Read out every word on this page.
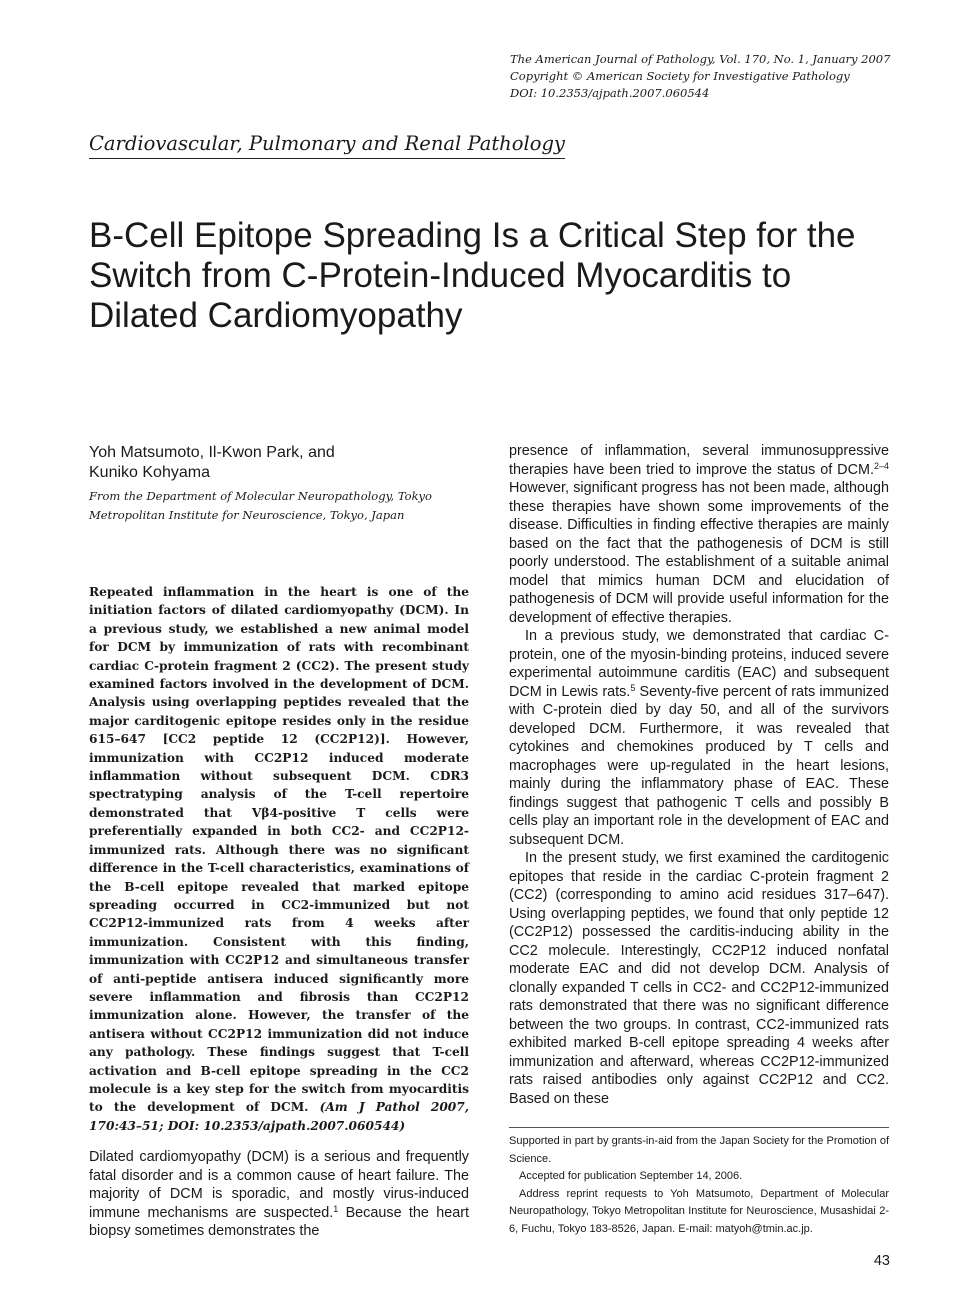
The American Journal of Pathology, Vol. 170, No. 1, January 2007
Copyright © American Society for Investigative Pathology
DOI: 10.2353/ajpath.2007.060544
Cardiovascular, Pulmonary and Renal Pathology
B-Cell Epitope Spreading Is a Critical Step for the
Switch from C-Protein-Induced Myocarditis to
Dilated Cardiomyopathy
Yoh Matsumoto, Il-Kwon Park, and
Kuniko Kohyama
From the Department of Molecular Neuropathology, Tokyo
Metropolitan Institute for Neuroscience, Tokyo, Japan
Repeated inflammation in the heart is one of the initiation factors of dilated cardiomyopathy (DCM). In a previous study, we established a new animal model for DCM by immunization of rats with recombinant cardiac C-protein fragment 2 (CC2). The present study examined factors involved in the development of DCM. Analysis using overlapping peptides revealed that the major carditogenic epitope resides only in the residue 615–647 [CC2 peptide 12 (CC2P12)]. However, immunization with CC2P12 induced moderate inflammation without subsequent DCM. CDR3 spectratyping analysis of the T-cell repertoire demonstrated that Vβ4-positive T cells were preferentially expanded in both CC2- and CC2P12-immunized rats. Although there was no significant difference in the T-cell characteristics, examinations of the B-cell epitope revealed that marked epitope spreading occurred in CC2-immunized but not CC2P12-immunized rats from 4 weeks after immunization. Consistent with this finding, immunization with CC2P12 and simultaneous transfer of anti-peptide antisera induced significantly more severe inflammation and fibrosis than CC2P12 immunization alone. However, the transfer of the antisera without CC2P12 immunization did not induce any pathology. These findings suggest that T-cell activation and B-cell epitope spreading in the CC2 molecule is a key step for the switch from myocarditis to the development of DCM. (Am J Pathol 2007, 170:43–51; DOI: 10.2353/ajpath.2007.060544)
Dilated cardiomyopathy (DCM) is a serious and frequently fatal disorder and is a common cause of heart failure. The majority of DCM is sporadic, and mostly virus-induced immune mechanisms are suspected.$^1$ Because the heart biopsy sometimes demonstrates the

presence of inflammation, several immunosuppressive therapies have been tried to improve the status of DCM.$^{2-4}$ However, significant progress has not been made, although these therapies have shown some improvements of the disease. Difficulties in finding effective therapies are mainly based on the fact that the pathogenesis of DCM is still poorly understood. The establishment of a suitable animal model that mimics human DCM and elucidation of pathogenesis of DCM will provide useful information for the development of effective therapies.

In a previous study, we demonstrated that cardiac C-protein, one of the myosin-binding proteins, induced severe experimental autoimmune carditis (EAC) and subsequent DCM in Lewis rats.$^5$ Seventy-five percent of rats immunized with C-protein died by day 50, and all of the survivors developed DCM. Furthermore, it was revealed that cytokines and chemokines produced by T cells and macrophages were up-regulated in the heart lesions, mainly during the inflammatory phase of EAC. These findings suggest that pathogenic T cells and possibly B cells play an important role in the development of EAC and subsequent DCM.

In the present study, we first examined the carditogenic epitopes that reside in the cardiac C-protein fragment 2 (CC2) (corresponding to amino acid residues 317–647). Using overlapping peptides, we found that only peptide 12 (CC2P12) possessed the carditis-inducing ability in the CC2 molecule. Interestingly, CC2P12 induced nonfatal moderate EAC and did not develop DCM. Analysis of clonally expanded T cells in CC2- and CC2P12-immunized rats demonstrated that there was no significant difference between the two groups. In contrast, CC2-immunized rats exhibited marked B-cell epitope spreading 4 weeks after immunization and afterward, whereas CC2P12-immunized rats raised antibodies only against CC2P12 and CC2. Based on these

Supported in part by grants-in-aid from the Japan Society for the Promotion of Science.

Accepted for publication September 14, 2006.

Address reprint requests to Yoh Matsumoto, Department of Molecular Neuropathology, Tokyo Metropolitan Institute for Neuroscience, Musashidai 2-6, Fuchu, Tokyo 183-8526, Japan. E-mail: matyoh@tmin.ac.jp.

43
